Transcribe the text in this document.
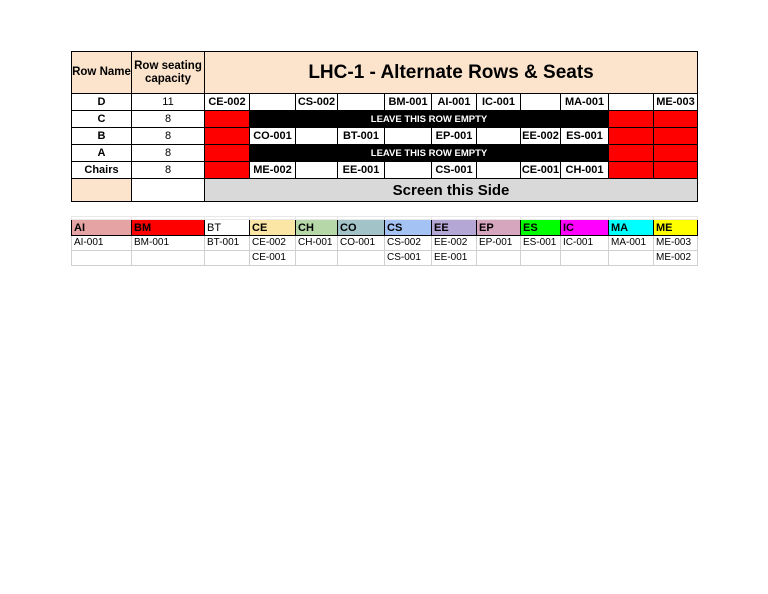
Row Name	Row seating capacity	LHC-1 - Alternate Rows & Seats										
D	11	CE-002		CS-002		BM-001	AI-001	IC-001		MA-001		ME-003
C	8		LEAVE THIS ROW EMPTY									
B	8		CO-001		BT-001		EP-001		EE-002	ES-001		
A	8		LEAVE THIS ROW EMPTY									
Chairs	8		ME-002		EE-001		CS-001		CE-001	CH-001		
		Screen this Side										

AI	BM	BT	CE	CH	CO	CS	EE	EP	ES	IC	MA	ME
AI-001	BM-001	BT-001	CE-002	CH-001	CO-001	CS-002	EE-002	EP-001	ES-001	IC-001	MA-001	ME-003
			CE-001			CS-001	EE-001					ME-002
